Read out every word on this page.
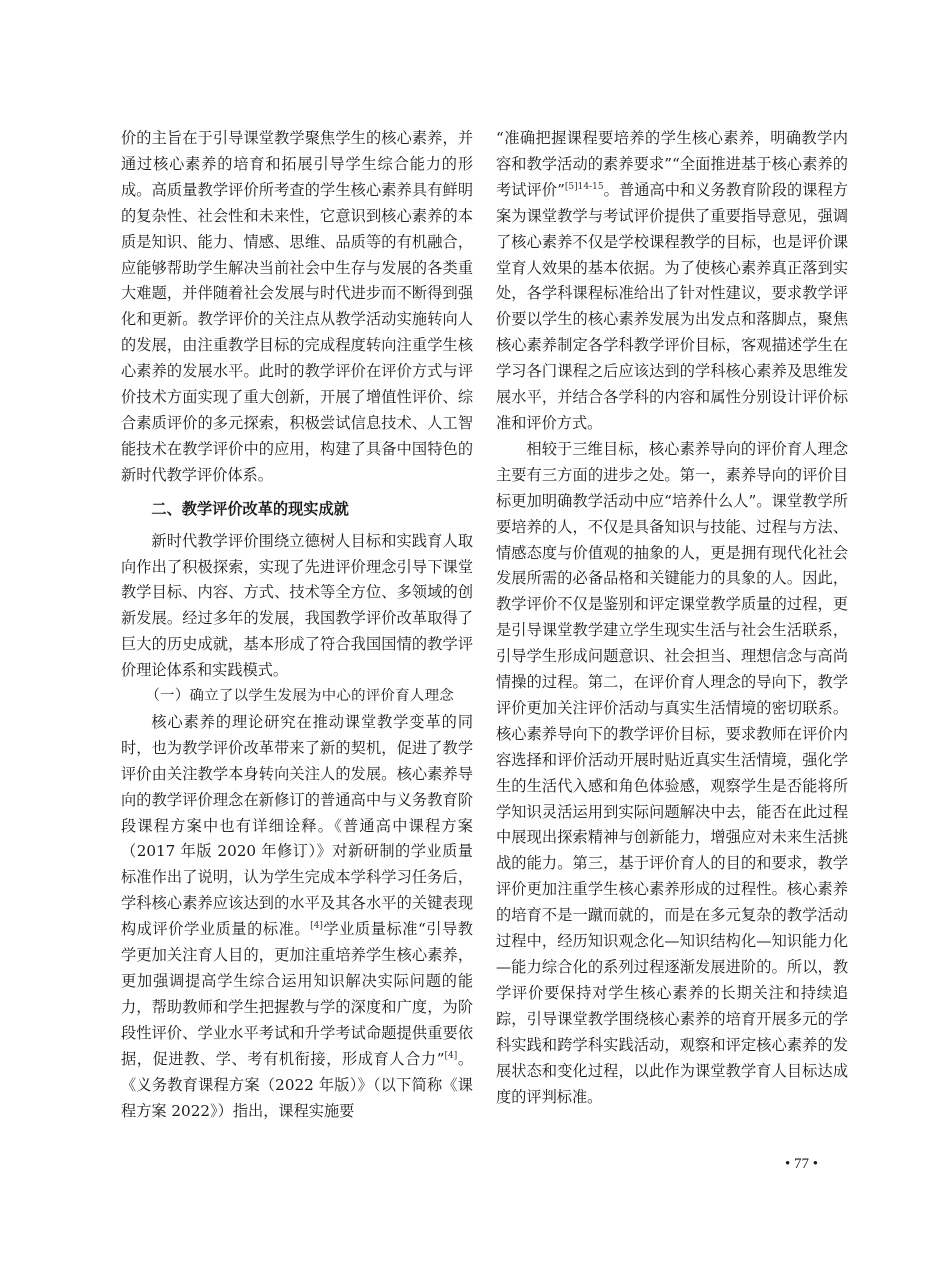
价的主旨在于引导课堂教学聚焦学生的核心素养，并通过核心素养的培育和拓展引导学生综合能力的形成。高质量教学评价所考查的学生核心素养具有鲜明的复杂性、社会性和未来性，它意识到核心素养的本质是知识、能力、情感、思维、品质等的有机融合，应能够帮助学生解决当前社会中生存与发展的各类重大难题，并伴随着社会发展与时代进步而不断得到强化和更新。教学评价的关注点从教学活动实施转向人的发展，由注重教学目标的完成程度转向注重学生核心素养的发展水平。此时的教学评价在评价方式与评价技术方面实现了重大创新，开展了增值性评价、综合素质评价的多元探索，积极尝试信息技术、人工智能技术在教学评价中的应用，构建了具备中国特色的新时代教学评价体系。

二、教学评价改革的现实成就

新时代教学评价围绕立德树人目标和实践育人取向作出了积极探索，实现了先进评价理念引导下课堂教学目标、内容、方式、技术等全方位、多领域的创新发展。经过多年的发展，我国教学评价改革取得了巨大的历史成就，基本形成了符合我国国情的教学评价理论体系和实践模式。

（一）确立了以学生发展为中心的评价育人理念

核心素养的理论研究在推动课堂教学变革的同时，也为教学评价改革带来了新的契机，促进了教学评价由关注教学本身转向关注人的发展。核心素养导向的教学评价理念在新修订的普通高中与义务教育阶段课程方案中也有详细诠释。《普通高中课程方案（2017 年版 2020 年修订）》对新研制的学业质量标准作出了说明，认为学生完成本学科学习任务后，学科核心素养应该达到的水平及其各水平的关键表现构成评价学业质量的标准。[4]学业质量标准“引导教学更加关注育人目的，更加注重培养学生核心素养，更加强调提高学生综合运用知识解决实际问题的能力，帮助教师和学生把握教与学的深度和广度，为阶段性评价、学业水平考试和升学考试命题提供重要依据，促进教、学、考有机衔接，形成育人合力”[4]。《义务教育课程方案（2022 年版）》（以下简称《课程方案 2022》）指出，课程实施要

“准确把握课程要培养的学生核心素养，明确教学内容和教学活动的素养要求”“全面推进基于核心素养的考试评价”$^{[5]14-15}$。普通高中和义务教育阶段的课程方案为课堂教学与考试评价提供了重要指导意见，强调了核心素养不仅是学校课程教学的目标，也是评价课堂育人效果的基本依据。为了使核心素养真正落到实处，各学科课程标准给出了针对性建议，要求教学评价要以学生的核心素养发展为出发点和落脚点，聚焦核心素养制定各学科教学评价目标，客观描述学生在学习各门课程之后应该达到的学科核心素养及思维发展水平，并结合各学科的内容和属性分别设计评价标准和评价方式。

相较于三维目标，核心素养导向的评价育人理念主要有三方面的进步之处。第一，素养导向的评价目标更加明确教学活动中应“培养什么人”。课堂教学所要培养的人，不仅是具备知识与技能、过程与方法、情感态度与价值观的抽象的人，更是拥有现代化社会发展所需的必备品格和关键能力的具象的人。因此，教学评价不仅是鉴别和评定课堂教学质量的过程，更是引导课堂教学建立学生现实生活与社会生活联系，引导学生形成问题意识、社会担当、理想信念与高尚情操的过程。第二，在评价育人理念的导向下，教学评价更加关注评价活动与真实生活情境的密切联系。核心素养导向下的教学评价目标，要求教师在评价内容选择和评价活动开展时贴近真实生活情境，强化学生的生活代入感和角色体验感，观察学生是否能将所学知识灵活运用到实际问题解决中去，能否在此过程中展现出探索精神与创新能力，增强应对未来生活挑战的能力。第三，基于评价育人的目的和要求，教学评价更加注重学生核心素养形成的过程性。核心素养的培育不是一蹴而就的，而是在多元复杂的教学活动过程中，经历知识观念化—知识结构化—知识能力化—能力综合化的系列过程逐渐发展进阶的。所以，教学评价要保持对学生核心素养的长期关注和持续追踪，引导课堂教学围绕核心素养的培育开展多元的学科实践和跨学科实践活动，观察和评定核心素养的发展状态和变化过程，以此作为课堂教学育人目标达成度的评判标准。

• 77 •
